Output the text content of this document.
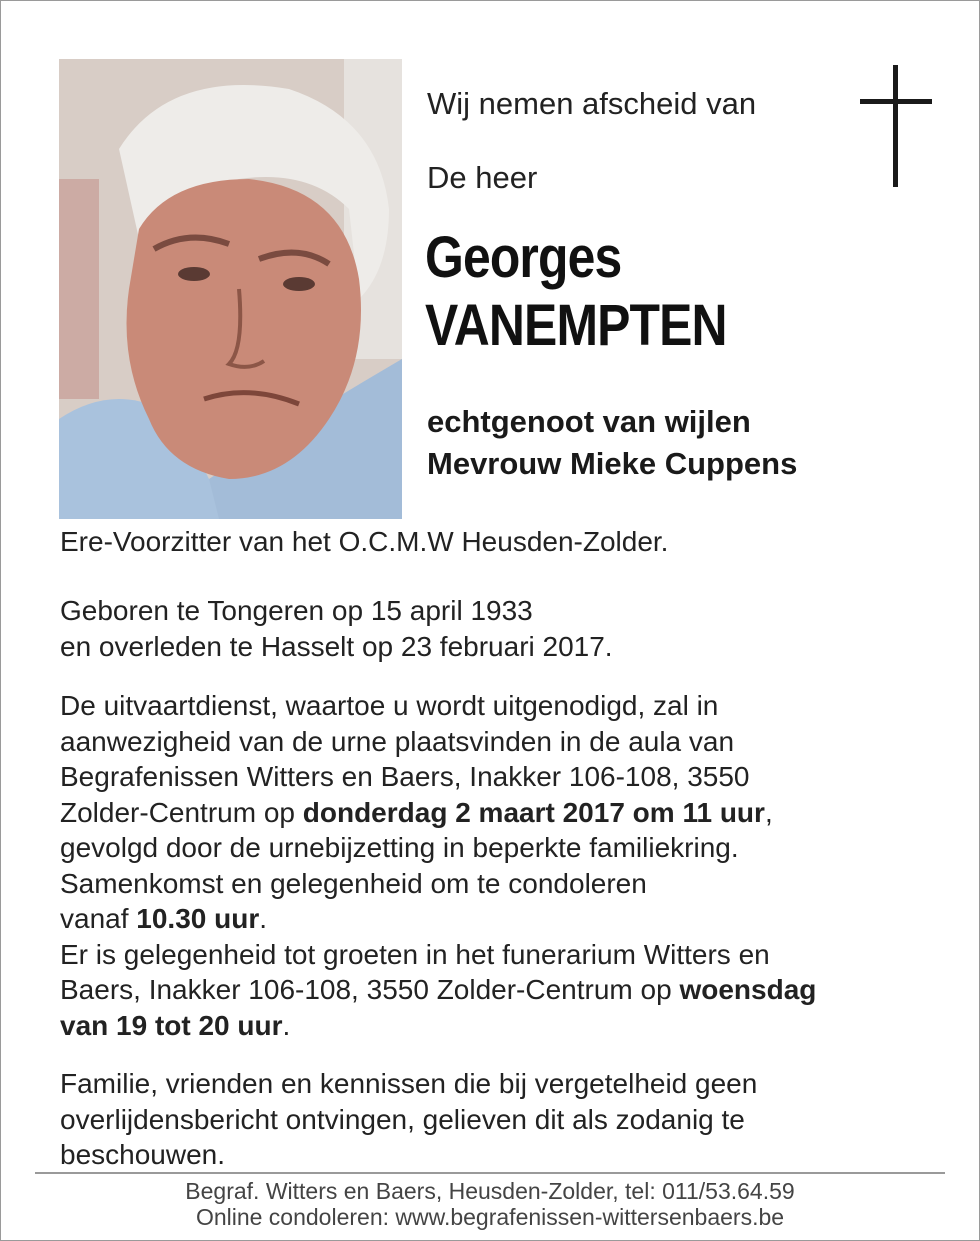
Wij nemen afscheid van
De heer
Georges
VANEMPTEN
echtgenoot van wijlen
Mevrouw Mieke Cuppens

Ere-Voorzitter van het O.C.M.W Heusden-Zolder.

Geboren te Tongeren op 15 april 1933

en overleden te Hasselt op 23 februari 2017.

De uitvaartdienst, waartoe u wordt uitgenodigd, zal in

aanwezigheid van de urne plaatsvinden in de aula van

Begrafenissen Witters en Baers, Inakker 106-108, 3550

Zolder-Centrum op donderdag 2 maart 2017 om 11 uur,

gevolgd door de urnebijzetting in beperkte familiekring.

Samenkomst en gelegenheid om te condoleren

vanaf 10.30 uur.

Er is gelegenheid tot groeten in het funerarium Witters en

Baers, Inakker 106-108, 3550 Zolder-Centrum op woensdag

van 19 tot 20 uur.

Familie, vrienden en kennissen die bij vergetelheid geen

overlijdensbericht ontvingen, gelieven dit als zodanig te

beschouwen.

Begraf. Witters en Baers, Heusden-Zolder, tel: 011/53.64.59
Online condoleren: www.begrafenissen-wittersenbaers.be
